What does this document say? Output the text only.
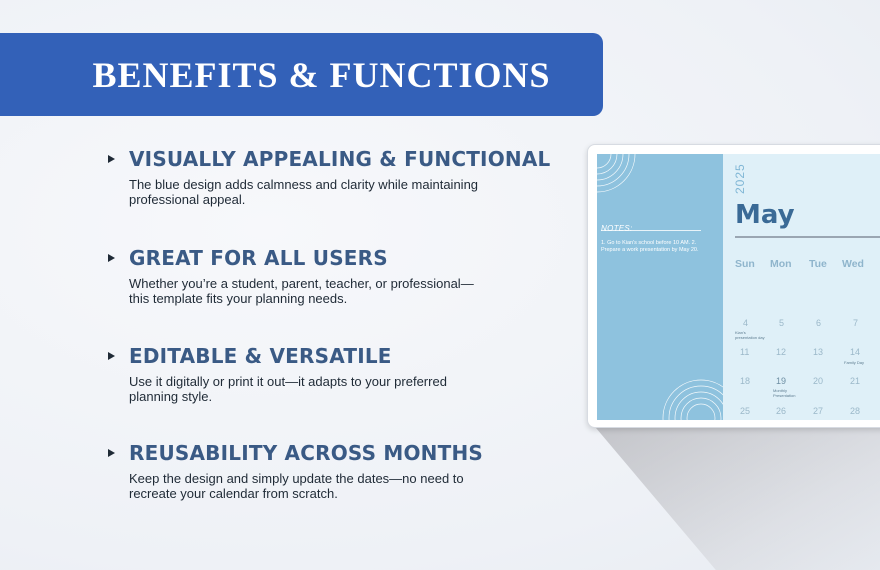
BENEFITS & FUNCTIONS
VISUALLY APPEALING & FUNCTIONAL
The blue design adds calmness and clarity while maintaining professional appeal.
GREAT FOR ALL USERS
Whether you’re a student, parent, teacher, or professional—this template fits your planning needs.
EDITABLE & VERSATILE
Use it digitally or print it out—it adapts to your preferred planning style.
REUSABILITY ACROSS MONTHS
Keep the design and simply update the dates—no need to recreate your calendar from scratch.
NOTES:
1. Go to Kian's school before 10 AM. 2. Prepare a work presentation by May 20.
2025
May
Sun Mon Tue Wed
4	5	6	7
Kian's presentation day
11	12	13	14
Family Day
18	19	20	21
Monthly Presentation
25	26	27	28
